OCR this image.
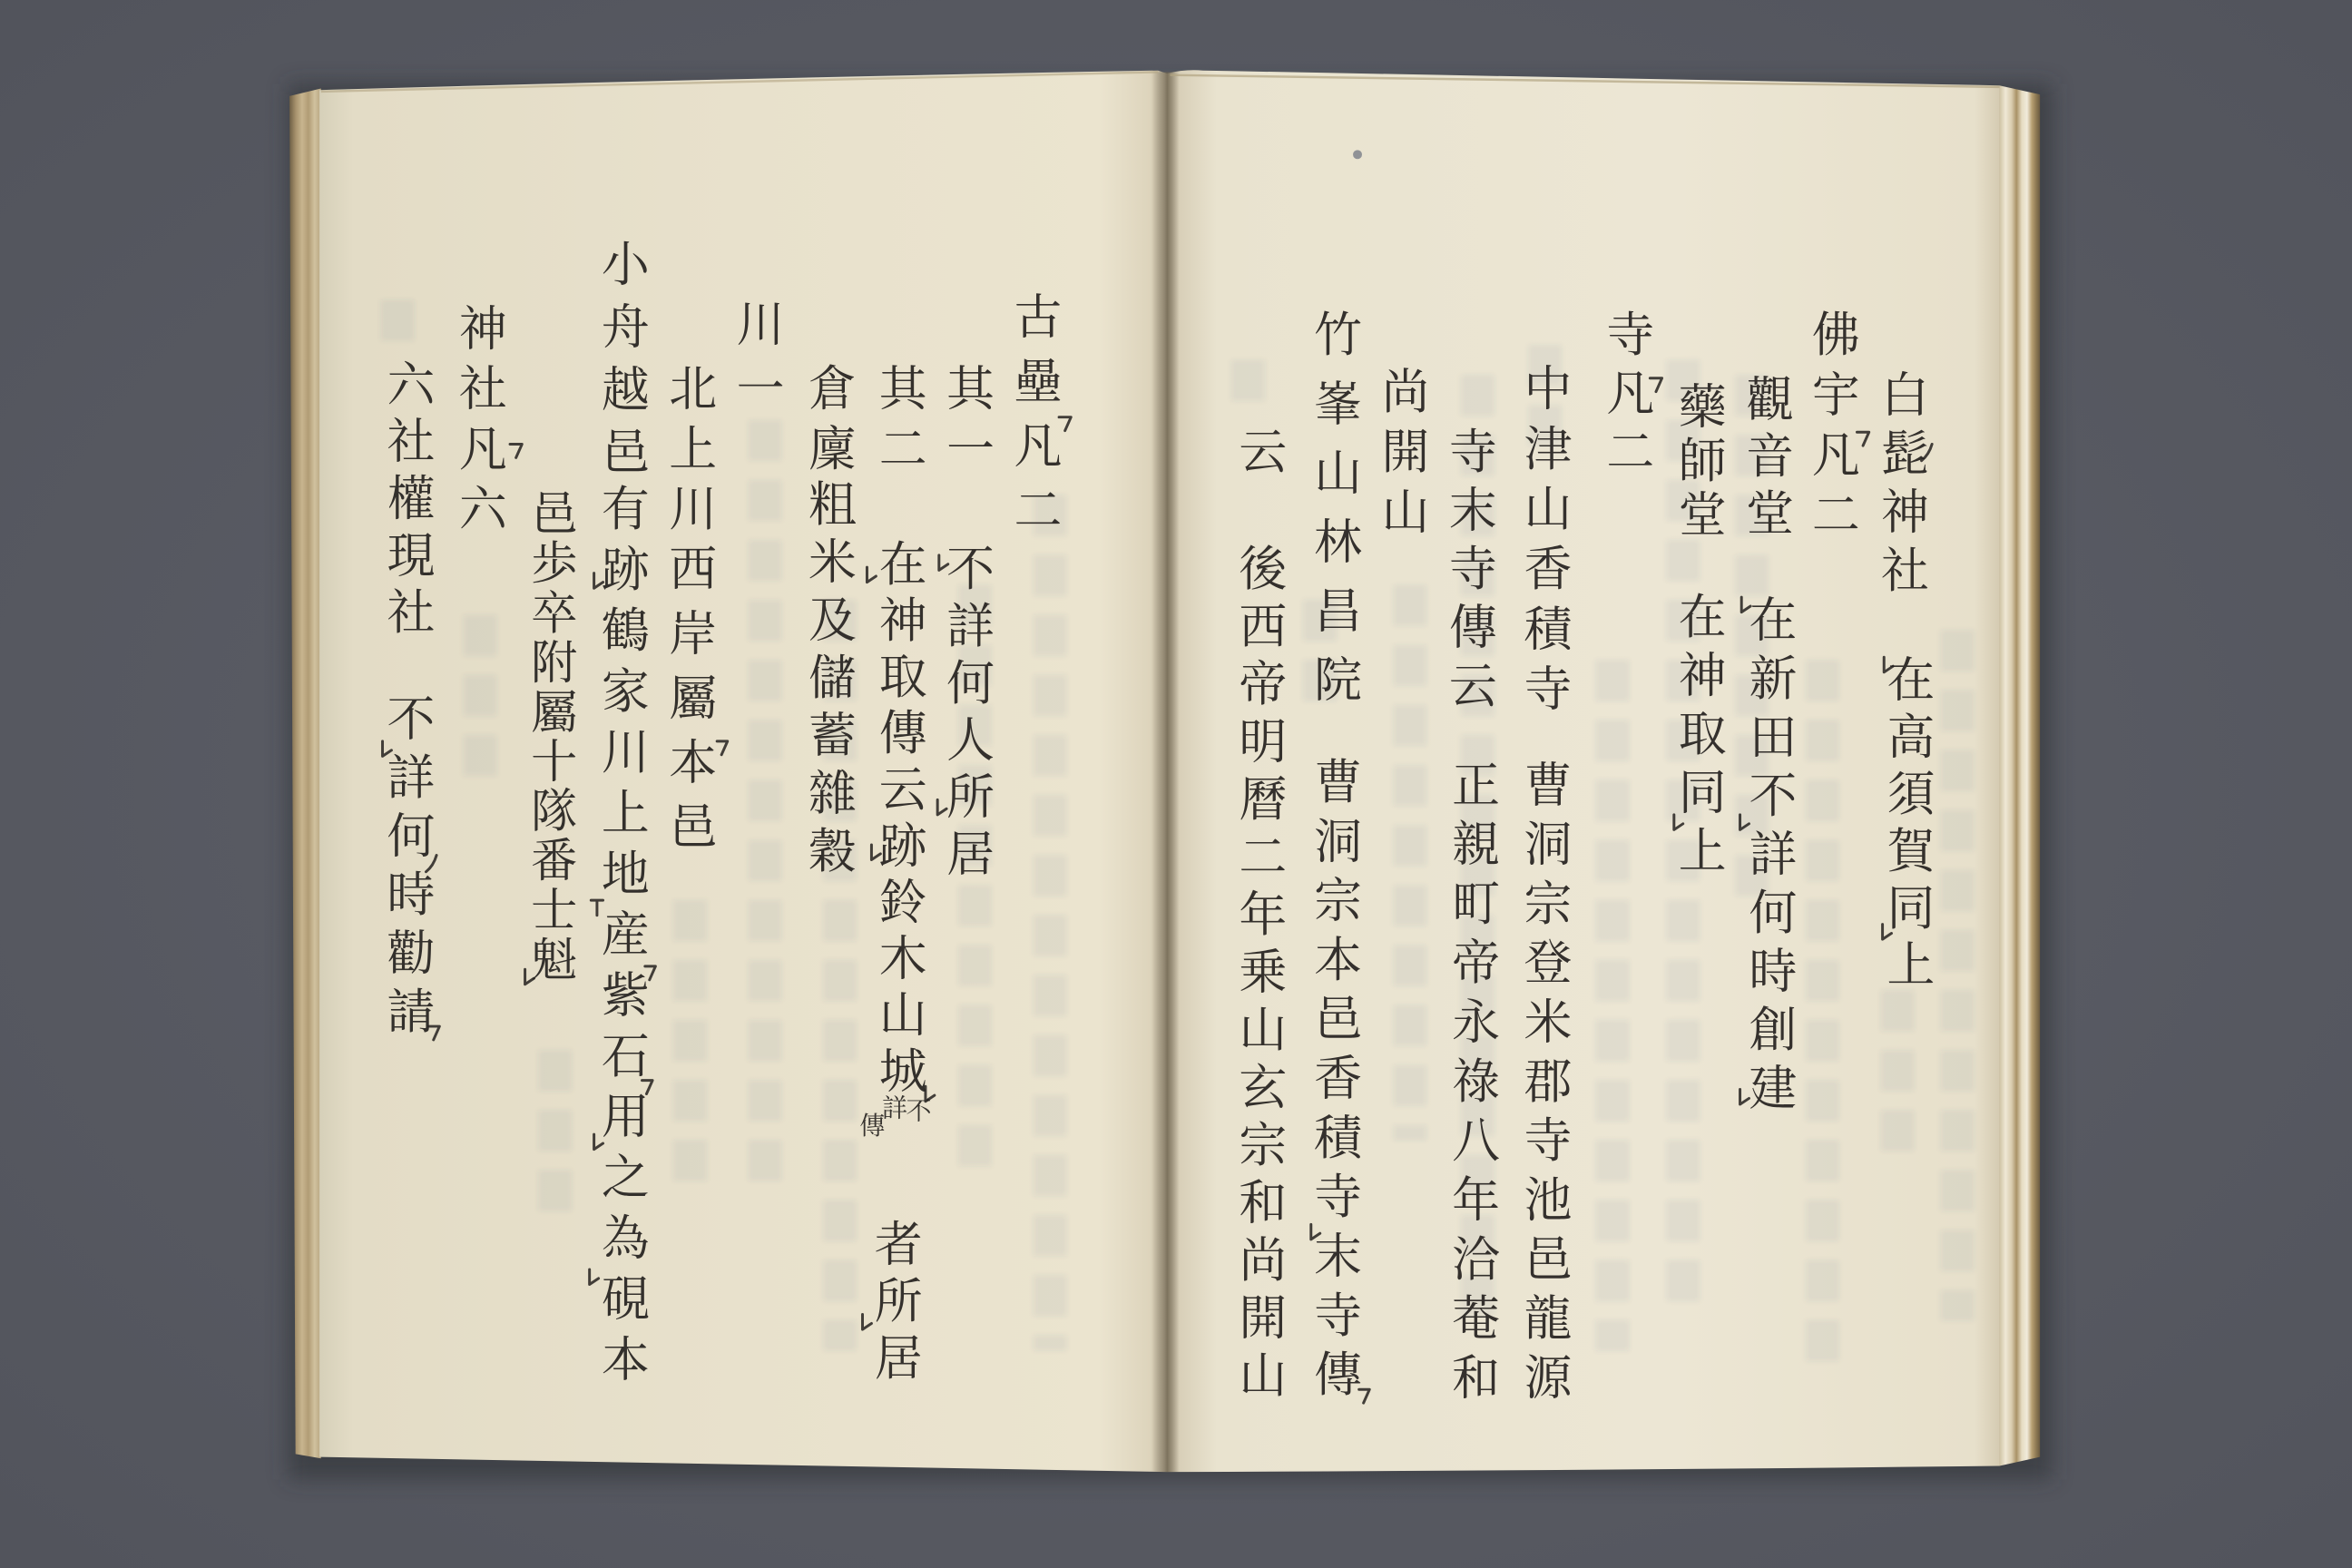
白髭神社
在高須賀同上
佛宇凡二
觀音堂
在新田不詳何時創建
藥師堂
在神取同上
寺凡二
中津山香積寺
曹洞宗登米郡寺池邑龍源
寺末寺傳云
正親町帝永祿八年洽菴和
尚開山
竹峯山林昌院
曹洞宗本邑香積寺末寺傳
云
後西帝明曆二年乗山玄宗和尚開山
古壘凡二
其一
不詳何人所居
其二
在神取傳云跡鈴木山城
不
詳
傳
者所居
倉廩
粗米及儲蓄雜穀
川一
北上川
西岸屬本邑
小舟越邑
有跡鶴家川上地産紫石用之為硯本
邑歩卒附屬十隊番士魁
神社凡六
六社權現社
不詳何時勸請
